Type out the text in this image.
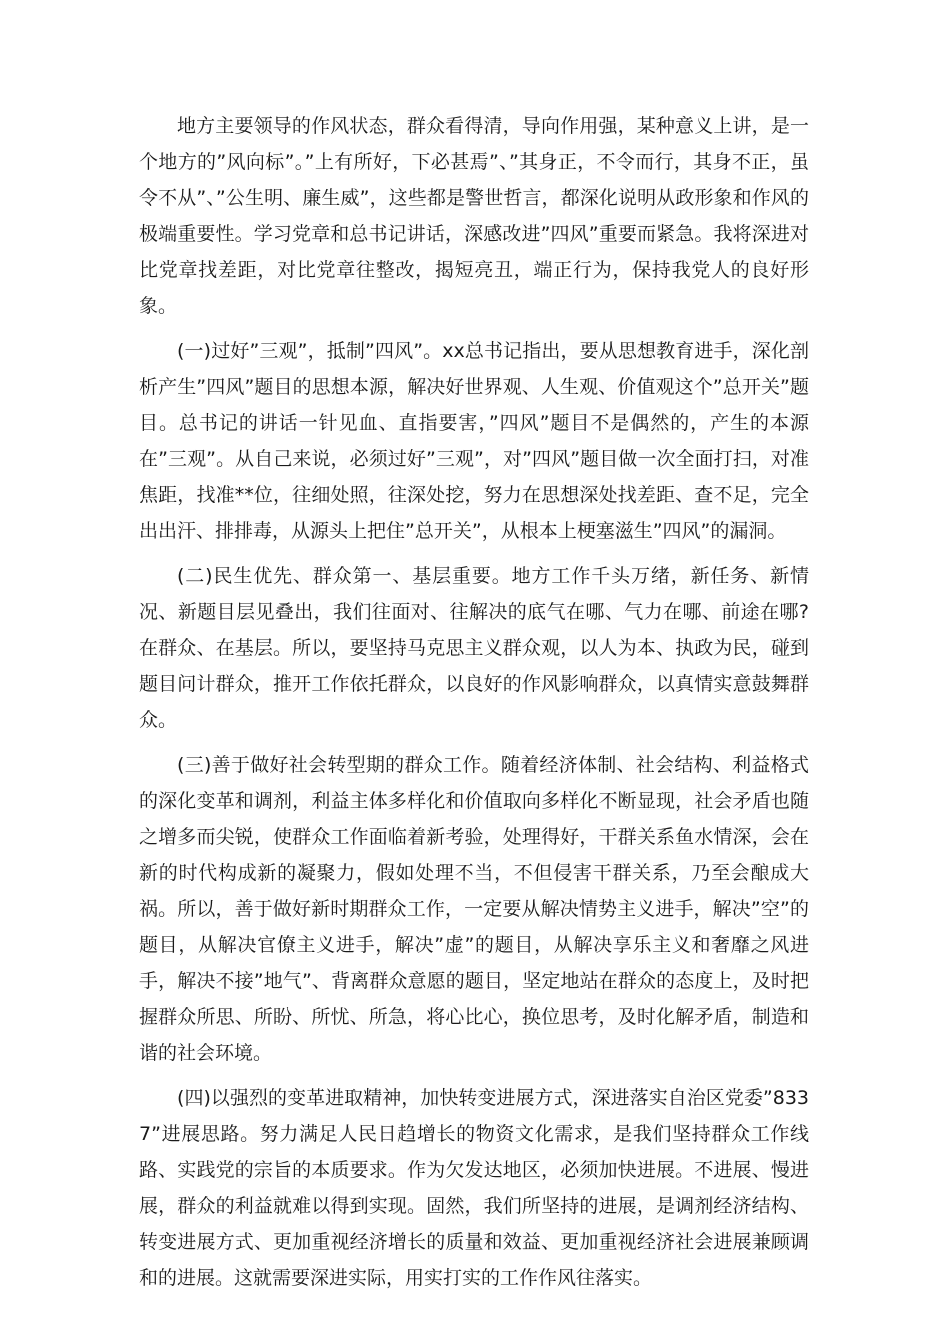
地方主要领导的作风状态，群众看得清，导向作用强，某种意义上讲，是一个地方的”风向标”。”上有所好，下必甚焉”、”其身正，不令而行，其身不正，虽令不从”、”公生明、廉生威”，这些都是警世哲言，都深化说明从政形象和作风的极端重要性。学习党章和总书记讲话，深感改进”四风”重要而紧急。我将深进对比党章找差距，对比党章往整改，揭短亮丑，端正行为，保持我党人的良好形象。

(一)过好”三观”，抵制”四风”。xx总书记指出，要从思想教育进手，深化剖析产生”四风”题目的思想本源，解决好世界观、人生观、价值观这个”总开关”题目。总书记的讲话一针见血、直指要害，”四风”题目不是偶然的，产生的本源在”三观”。从自己来说，必须过好”三观”，对”四风”题目做一次全面打扫，对准焦距，找准**位，往细处照，往深处挖，努力在思想深处找差距、查不足，完全出出汗、排排毒，从源头上把住”总开关”，从根本上梗塞滋生”四风”的漏洞。

(二)民生优先、群众第一、基层重要。地方工作千头万绪，新任务、新情况、新题目层见叠出，我们往面对、往解决的底气在哪、气力在哪、前途在哪?在群众、在基层。所以，要坚持马克思主义群众观，以人为本、执政为民，碰到题目问计群众，推开工作依托群众，以良好的作风影响群众，以真情实意鼓舞群众。

(三)善于做好社会转型期的群众工作。随着经济体制、社会结构、利益格式的深化变革和调剂，利益主体多样化和价值取向多样化不断显现，社会矛盾也随之增多而尖锐，使群众工作面临着新考验，处理得好，干群关系鱼水情深，会在新的时代构成新的凝聚力，假如处理不当，不但侵害干群关系，乃至会酿成大祸。所以，善于做好新时期群众工作，一定要从解决情势主义进手，解决”空”的题目，从解决官僚主义进手，解决”虚”的题目，从解决享乐主义和奢靡之风进手，解决不接”地气”、背离群众意愿的题目，坚定地站在群众的态度上，及时把握群众所思、所盼、所忧、所急，将心比心，换位思考，及时化解矛盾，制造和谐的社会环境。

(四)以强烈的变革进取精神，加快转变进展方式，深进落实自治区党委”8337”进展思路。努力满足人民日趋增长的物资文化需求，是我们坚持群众工作线路、实践党的宗旨的本质要求。作为欠发达地区，必须加快进展。不进展、慢进展，群众的利益就难以得到实现。固然，我们所坚持的进展，是调剂经济结构、转变进展方式、更加重视经济增长的质量和效益、更加重视经济社会进展兼顾调和的进展。这就需要深进实际，用实打实的工作作风往落实。
